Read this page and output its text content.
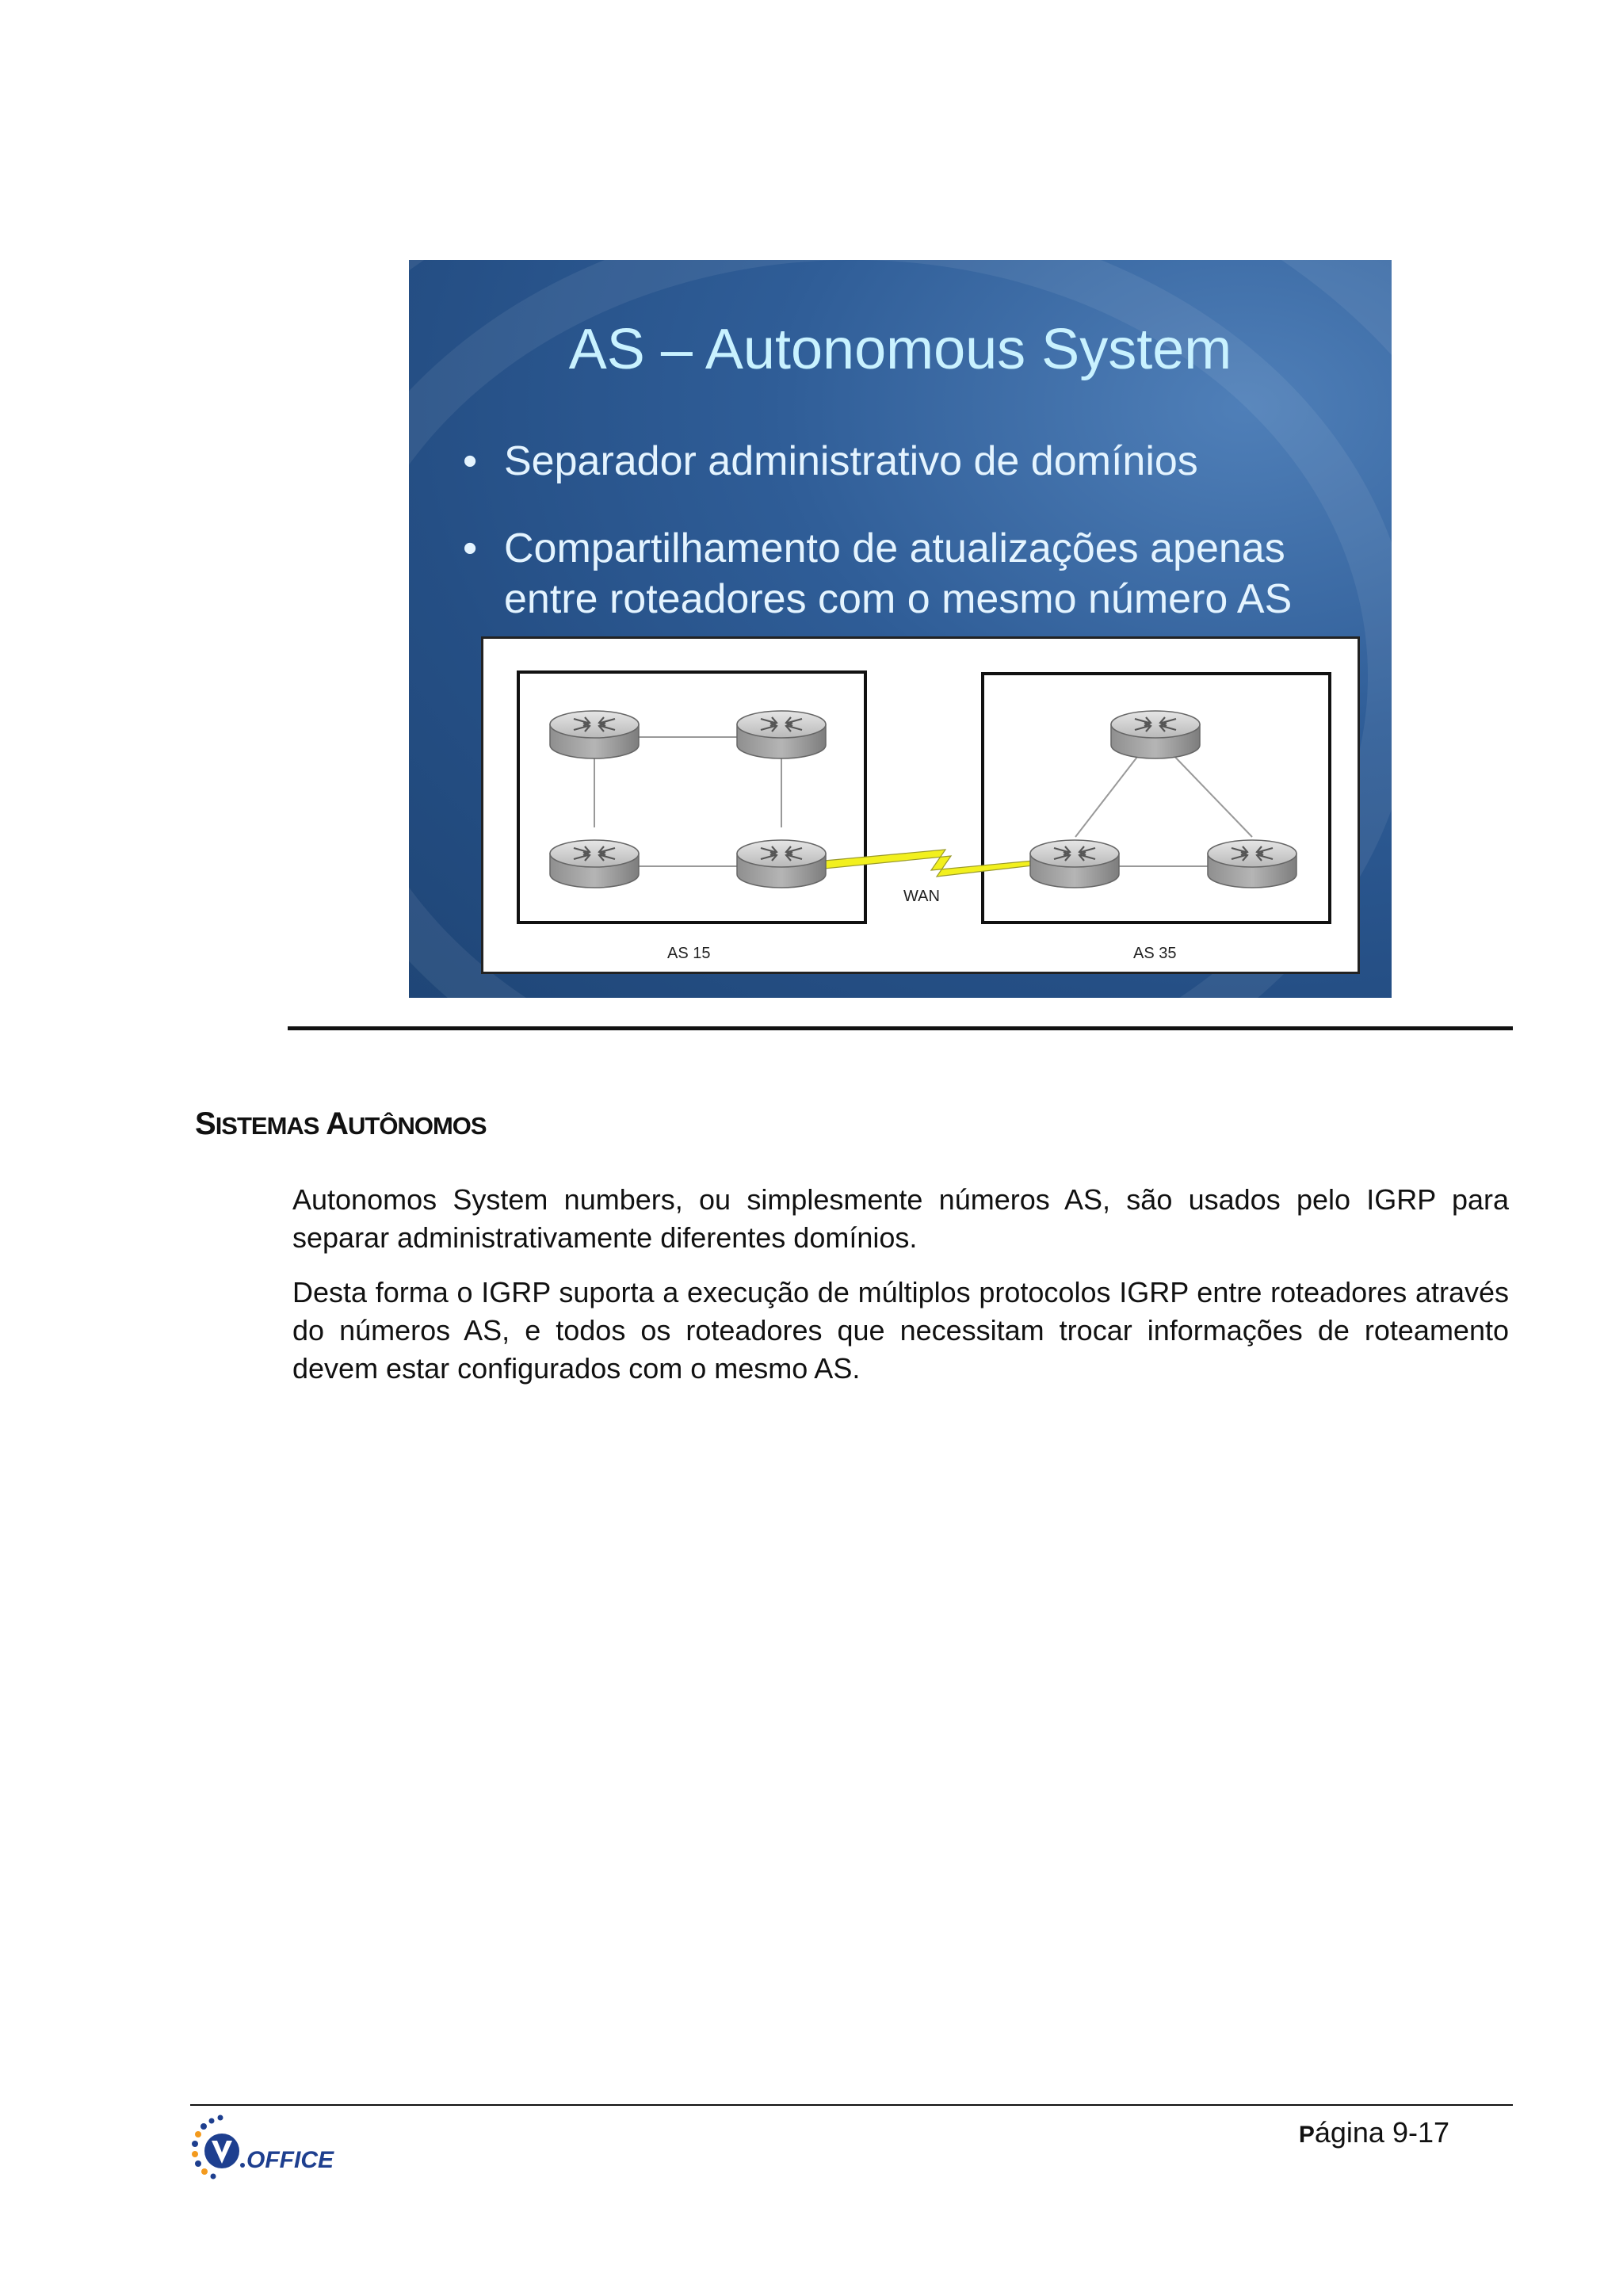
AS – Autonomous System
• Separador administrativo de domínios
• Compartilhamento de atualizações apenas entre roteadores com o mesmo número AS
WAN
AS 15	AS 35
SISTEMAS AUTÔNOMOS

Autonomos System numbers, ou simplesmente números AS, são usados pelo IGRP para separar administrativamente diferentes domínios.

Desta forma o IGRP suporta a execução de múltiplos protocolos IGRP entre roteadores através do números AS, e todos os roteadores que necessitam trocar informações de roteamento devem estar configurados com o mesmo AS.

OFFICE
Página 9-17
